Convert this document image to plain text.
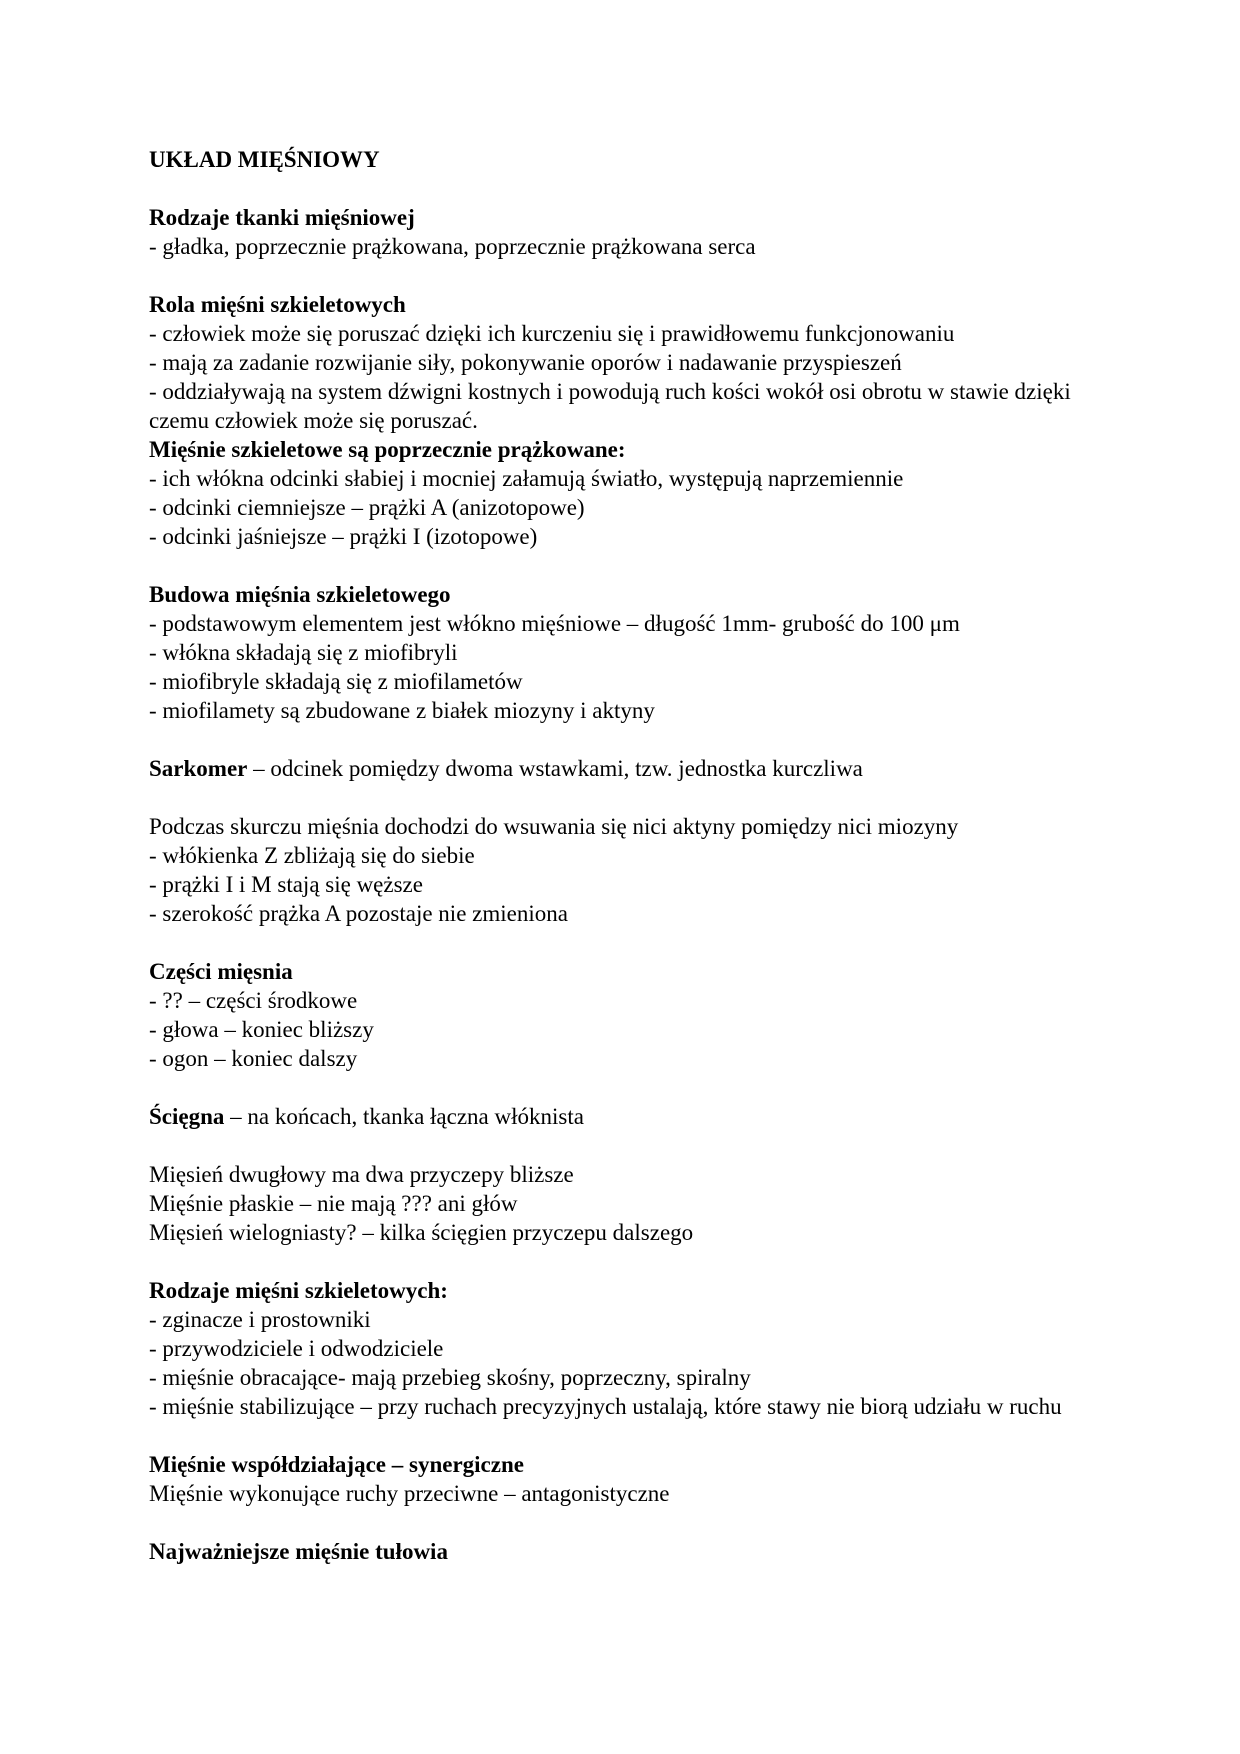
UKŁAD MIĘŚNIOWY

Rodzaje tkanki mięśniowej

- gładka, poprzecznie prążkowana, poprzecznie prążkowana serca

Rola mięśni szkieletowych

- człowiek może się poruszać dzięki ich kurczeniu się i prawidłowemu funkcjonowaniu

- mają za zadanie rozwijanie siły, pokonywanie oporów i nadawanie przyspieszeń

- oddziaływają na system dźwigni kostnych i powodują ruch kości wokół osi obrotu w stawie dzięki czemu człowiek może się poruszać.

Mięśnie szkieletowe są poprzecznie prążkowane:

- ich włókna odcinki słabiej i mocniej załamują światło, występują naprzemiennie

- odcinki ciemniejsze – prążki A (anizotopowe)

- odcinki jaśniejsze – prążki I (izotopowe)

Budowa mięśnia szkieletowego

- podstawowym elementem jest włókno mięśniowe – długość 1mm- grubość do 100 μm

- włókna składają się z miofibryli

- miofibryle składają się z miofilametów

- miofilamety są zbudowane z białek miozyny i aktyny

Sarkomer – odcinek pomiędzy dwoma wstawkami, tzw. jednostka kurczliwa

Podczas skurczu mięśnia dochodzi do wsuwania się nici aktyny pomiędzy nici miozyny

- włókienka Z zbliżają się do siebie

- prążki I i M stają się węższe

- szerokość prążka A pozostaje nie zmieniona

Części mięsnia

- ?? – części środkowe

- głowa – koniec bliższy

- ogon – koniec dalszy

Ścięgna – na końcach, tkanka łączna włóknista

Mięsień dwugłowy ma dwa przyczepy bliższe

Mięśnie płaskie – nie mają ??? ani głów

Mięsień wielogniasty? – kilka ścięgien przyczepu dalszego

Rodzaje mięśni szkieletowych:

- zginacze i prostowniki

- przywodziciele i odwodziciele

- mięśnie obracające- mają przebieg skośny, poprzeczny, spiralny

- mięśnie stabilizujące – przy ruchach precyzyjnych ustalają, które stawy nie biorą udziału w ruchu

Mięśnie współdziałające – synergiczne

Mięśnie wykonujące ruchy przeciwne – antagonistyczne

Najważniejsze mięśnie tułowia
